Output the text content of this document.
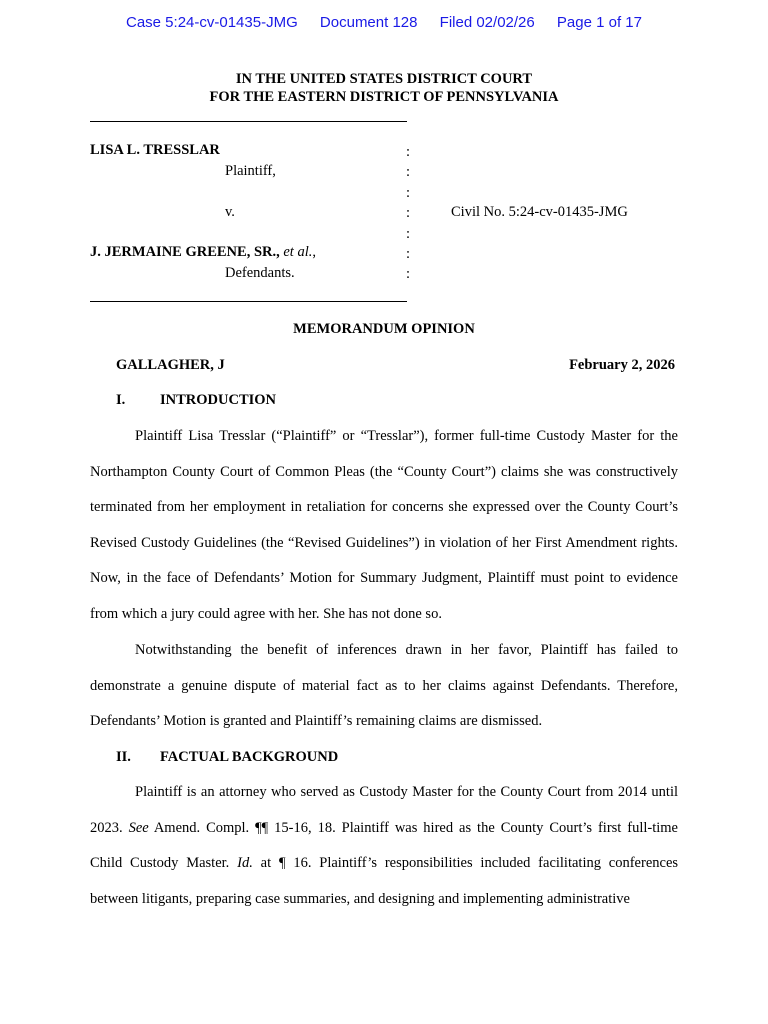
Case 5:24-cv-01435-JMG Document 128 Filed 02/02/26 Page 1 of 17
IN THE UNITED STATES DISTRICT COURT
FOR THE EASTERN DISTRICT OF PENNSYLVANIA
LISA L. TRESSLAR
Plaintiff,
v.	Civil No. 5:24-cv-01435-JMG
J. JERMAINE GREENE, SR., et al.,
Defendants.
:
:
:
:
:
:
:
MEMORANDUM OPINION
GALLAGHER, J	February 2, 2026
I. INTRODUCTION

Plaintiff Lisa Tresslar (“Plaintiff” or “Tresslar”), former full-time Custody Master for the Northampton County Court of Common Pleas (the “County Court”) claims she was constructively terminated from her employment in retaliation for concerns she expressed over the County Court’s Revised Custody Guidelines (the “Revised Guidelines”) in violation of her First Amendment rights. Now, in the face of Defendants’ Motion for Summary Judgment, Plaintiff must point to evidence from which a jury could agree with her. She has not done so.

Notwithstanding the benefit of inferences drawn in her favor, Plaintiff has failed to demonstrate a genuine dispute of material fact as to her claims against Defendants. Therefore, Defendants’ Motion is granted and Plaintiff’s remaining claims are dismissed.

II. FACTUAL BACKGROUND

Plaintiff is an attorney who served as Custody Master for the County Court from 2014 until 2023. See Amend. Compl. ¶¶ 15-16, 18. Plaintiff was hired as the County Court’s first full-time Child Custody Master. Id. at ¶ 16. Plaintiff’s responsibilities included facilitating conferences between litigants, preparing case summaries, and designing and implementing administrative
